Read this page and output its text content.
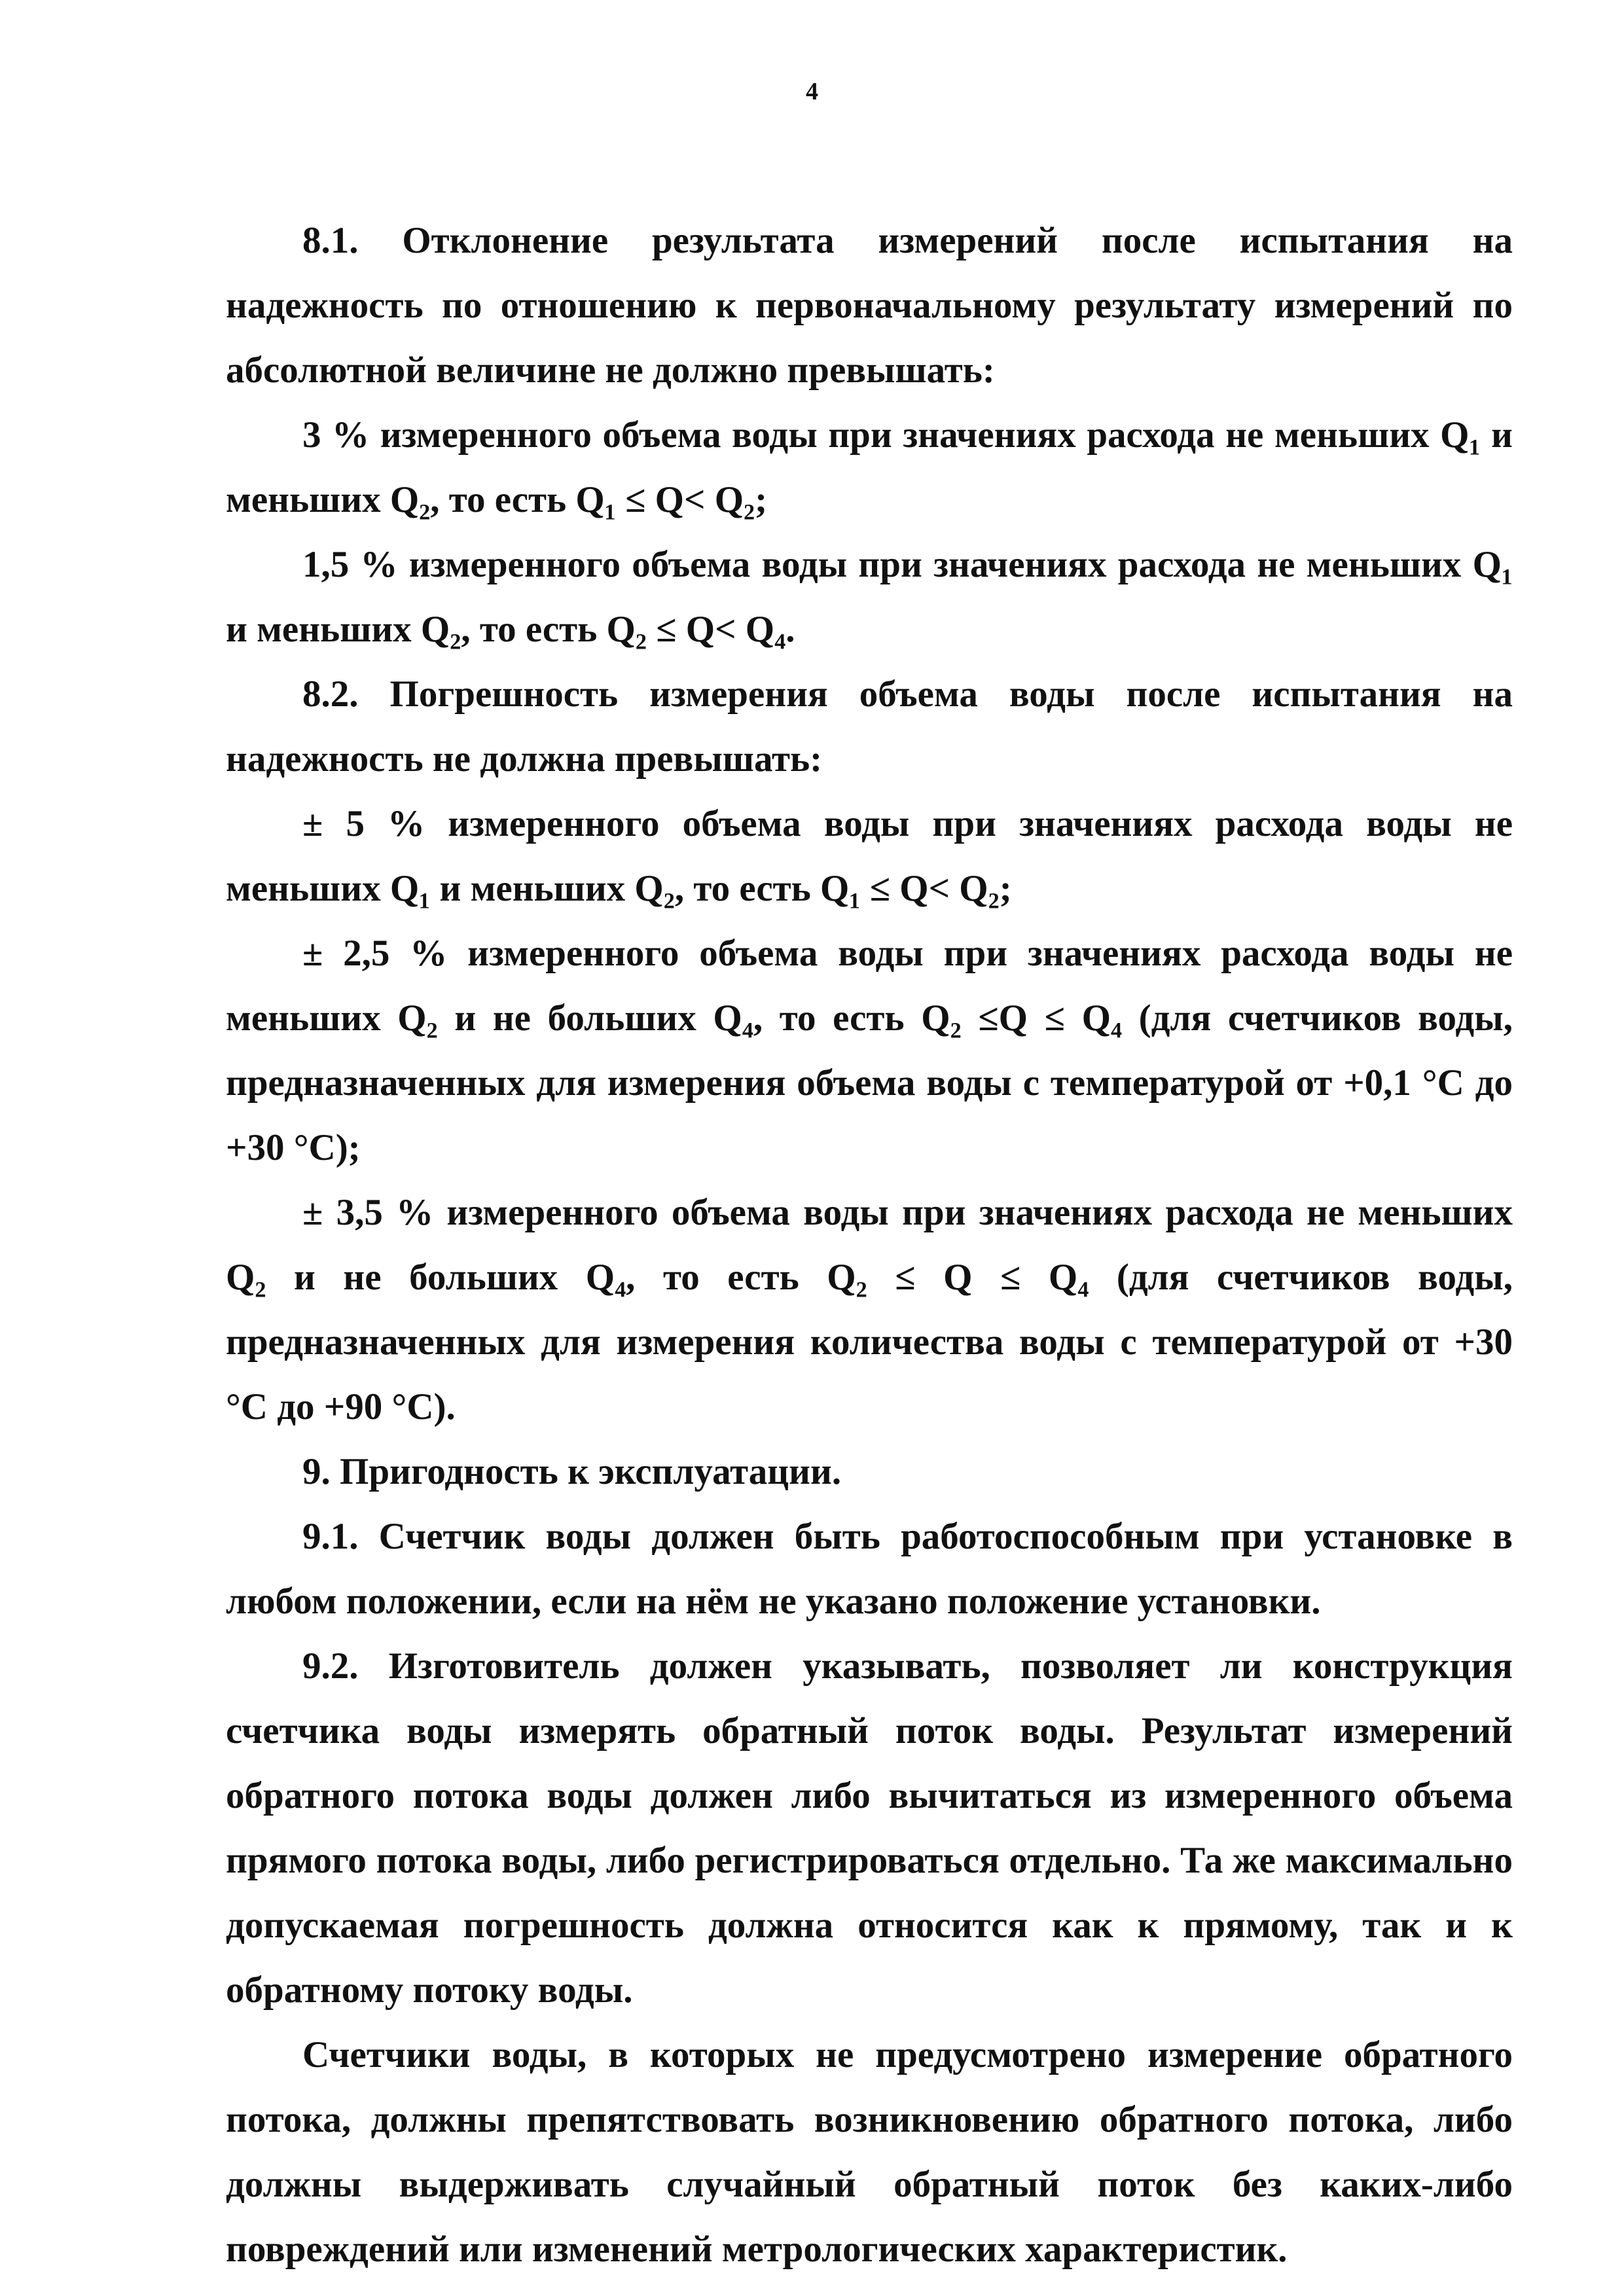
4

8.1. Отклонение результата измерений после испытания на надежность по отношению к первоначальному результату измерений по абсолютной величине не должно превышать:

3 % измеренного объема воды при значениях расхода не меньших Q₁ и меньших Q₂, то есть Q₁ ≤ Q< Q₂;

1,5 % измеренного объема воды при значениях расхода не меньших Q₁ и меньших Q₂, то есть Q₂ ≤ Q< Q₄.

8.2. Погрешность измерения объема воды после испытания на надежность не должна превышать:

± 5 % измеренного объема воды при значениях расхода воды не меньших Q₁ и меньших Q₂, то есть Q₁ ≤ Q< Q₂;

± 2,5 % измеренного объема воды при значениях расхода воды не меньших Q₂ и не больших Q₄, то есть Q₂ ≤Q ≤ Q₄ (для счетчиков воды, предназначенных для измерения объема воды с температурой от +0,1 °С до +30 °С);

± 3,5 % измеренного объема воды при значениях расхода не меньших Q₂ и не больших Q₄, то есть Q₂ ≤ Q ≤ Q₄ (для счетчиков воды, предназначенных для измерения количества воды с температурой от +30 °С до +90 °С).

9. Пригодность к эксплуатации.

9.1. Счетчик воды должен быть работоспособным при установке в любом положении, если на нём не указано положение установки.

9.2. Изготовитель должен указывать, позволяет ли конструкция счетчика воды измерять обратный поток воды. Результат измерений обратного потока воды должен либо вычитаться из измеренного объема прямого потока воды, либо регистрироваться отдельно. Та же максимально допускаемая погрешность должна относится как к прямому, так и к обратному потоку воды.

Счетчики воды, в которых не предусмотрено измерение обратного потока, должны препятствовать возникновению обратного потока, либо должны выдерживать случайный обратный поток без каких-либо повреждений или изменений метрологических характеристик.
